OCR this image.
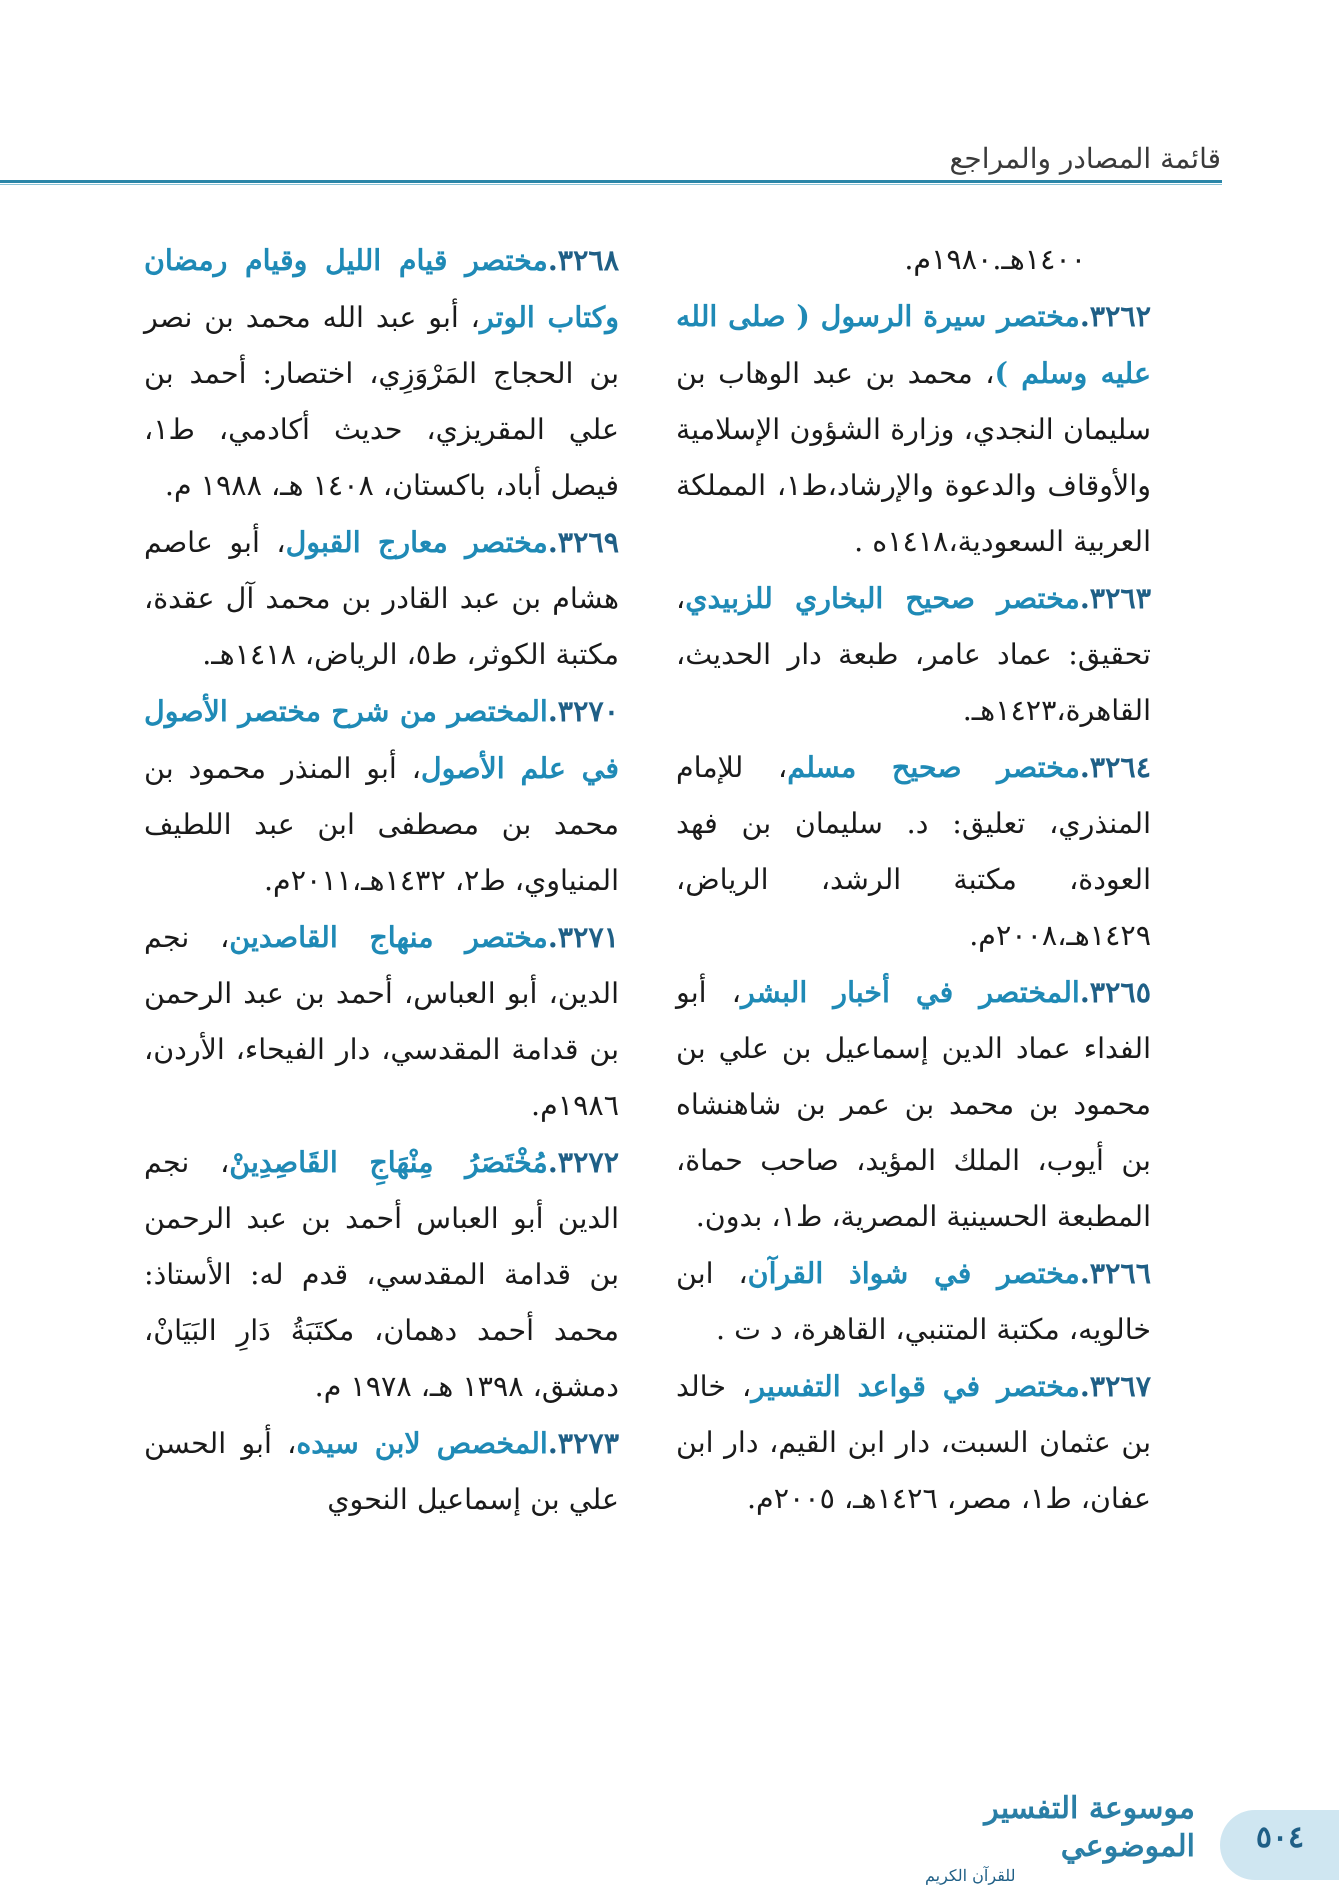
قائمة المصادر والمراجع

١٤٠٠هـ.١٩٨٠م.

٣٢٦٢.مختصر سيرة الرسول ( صلى الله عليه وسلم )، محمد بن عبد الوهاب بن سليمان النجدي، وزارة الشؤون الإسلامية والأوقاف والدعوة والإرشاد،ط١، المملكة العربية السعودية،١٤١٨ه .

٣٢٦٣.مختصر صحيح البخاري للزبيدي، تحقيق: عماد عامر، طبعة دار الحديث، القاهرة،١٤٢٣هـ.

٣٢٦٤.مختصر صحيح مسلم، للإمام المنذري، تعليق: د. سليمان بن فهد العودة، مكتبة الرشد، الرياض، ١٤٢٩هـ،٢٠٠٨م.

٣٢٦٥.المختصر في أخبار البشر، أبو الفداء عماد الدين إسماعيل بن علي بن محمود بن محمد بن عمر بن شاهنشاه بن أيوب، الملك المؤيد، صاحب حماة، المطبعة الحسينية المصرية، ط١، بدون.

٣٢٦٦.مختصر في شواذ القرآن، ابن خالويه، مكتبة المتنبي، القاهرة، د ت .

٣٢٦٧.مختصر في قواعد التفسير، خالد بن عثمان السبت، دار ابن القيم، دار ابن عفان، ط١، مصر، ١٤٢٦هـ، ٢٠٠٥م.

٣٢٦٨.مختصر قيام الليل وقيام رمضان وكتاب الوتر، أبو عبد الله محمد بن نصر بن الحجاج المَرْوَزِي، اختصار: أحمد بن علي المقريزي، حديث أكادمي، ط١، فيصل أباد، باكستان، ١٤٠٨ هـ، ١٩٨٨ م.

٣٢٦٩.مختصر معارج القبول، أبو عاصم هشام بن عبد القادر بن محمد آل عقدة، مكتبة الكوثر، ط٥، الرياض، ١٤١٨هـ.

٣٢٧٠.المختصر من شرح مختصر الأصول في علم الأصول، أبو المنذر محمود بن محمد بن مصطفى ابن عبد اللطيف المنياوي، ط٢، ١٤٣٢هـ،٢٠١١م.

٣٢٧١.مختصر منهاج القاصدين، نجم الدين، أبو العباس، أحمد بن عبد الرحمن بن قدامة المقدسي، دار الفيحاء، الأردن، ١٩٨٦م.

٣٢٧٢.مُخْتَصَرُ مِنْهَاجِ القَاصِدِينْ، نجم الدين أبو العباس أحمد بن عبد الرحمن بن قدامة المقدسي، قدم له: الأستاذ: محمد أحمد دهمان، مكتَبَةُ دَارِ البَيَانْ، دمشق، ١٣٩٨ هـ، ١٩٧٨ م.

٣٢٧٣.المخصص لابن سيده، أبو الحسن علي بن إسماعيل النحوي

موسوعة التفسير الموضوعي
للقرآن الكريم
٥٠٤
